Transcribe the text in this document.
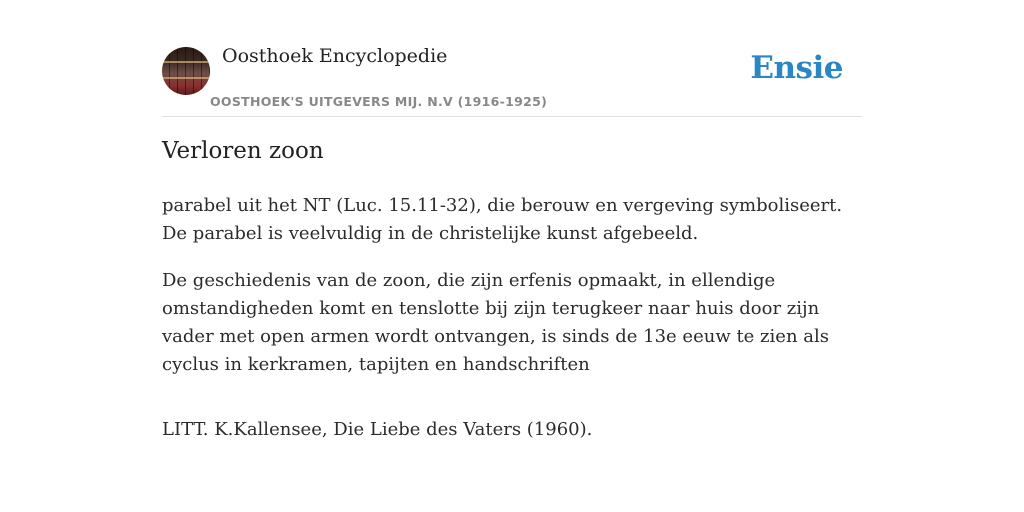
Oosthoek Encyclopedie
OOSTHOEK'S UITGEVERS MIJ. N.V (1916-1925)
Ensie
Verloren zoon

parabel uit het NT (Luc. 15.11-32), die berouw en vergeving symboliseert. De parabel is veelvuldig in de christelijke kunst afgebeeld.

De geschiedenis van de zoon, die zijn erfenis opmaakt, in ellendige omstandigheden komt en tenslotte bij zijn terugkeer naar huis door zijn vader met open armen wordt ontvangen, is sinds de 13e eeuw te zien als cyclus in kerkramen, tapijten en handschriften

LITT. K.Kallensee, Die Liebe des Vaters (1960).
